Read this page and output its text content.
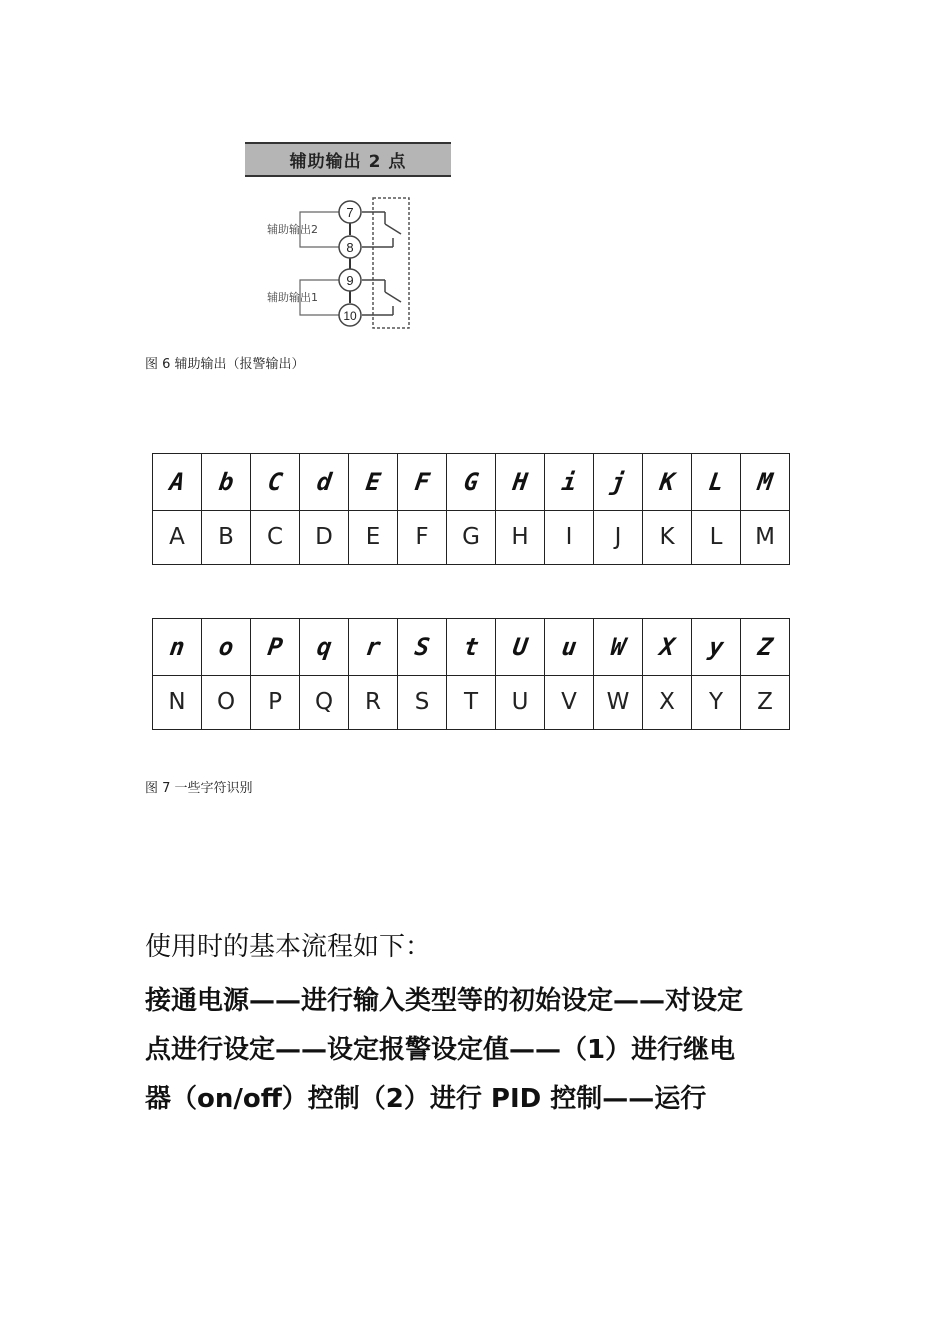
辅助输出 2 点
7
8
9
10
辅助输出2
辅助输出1
图 6 辅助输出（报警输出）
A	b	C	d	E	F	G	H	i	j	K	L	M
A	B	C	D	E	F	G	H	I	J	K	L	M
n	o	P	q	r	S	t	U	u	W	X	y	Z
N	O	P	Q	R	S	T	U	V	W	X	Y	Z
图 7 一些字符识别
使用时的基本流程如下：
接通电源——进行输入类型等的初始设定——对设定
点进行设定——设定报警设定值——（1）进行继电
器（on/off）控制（2）进行 PID 控制——运行
